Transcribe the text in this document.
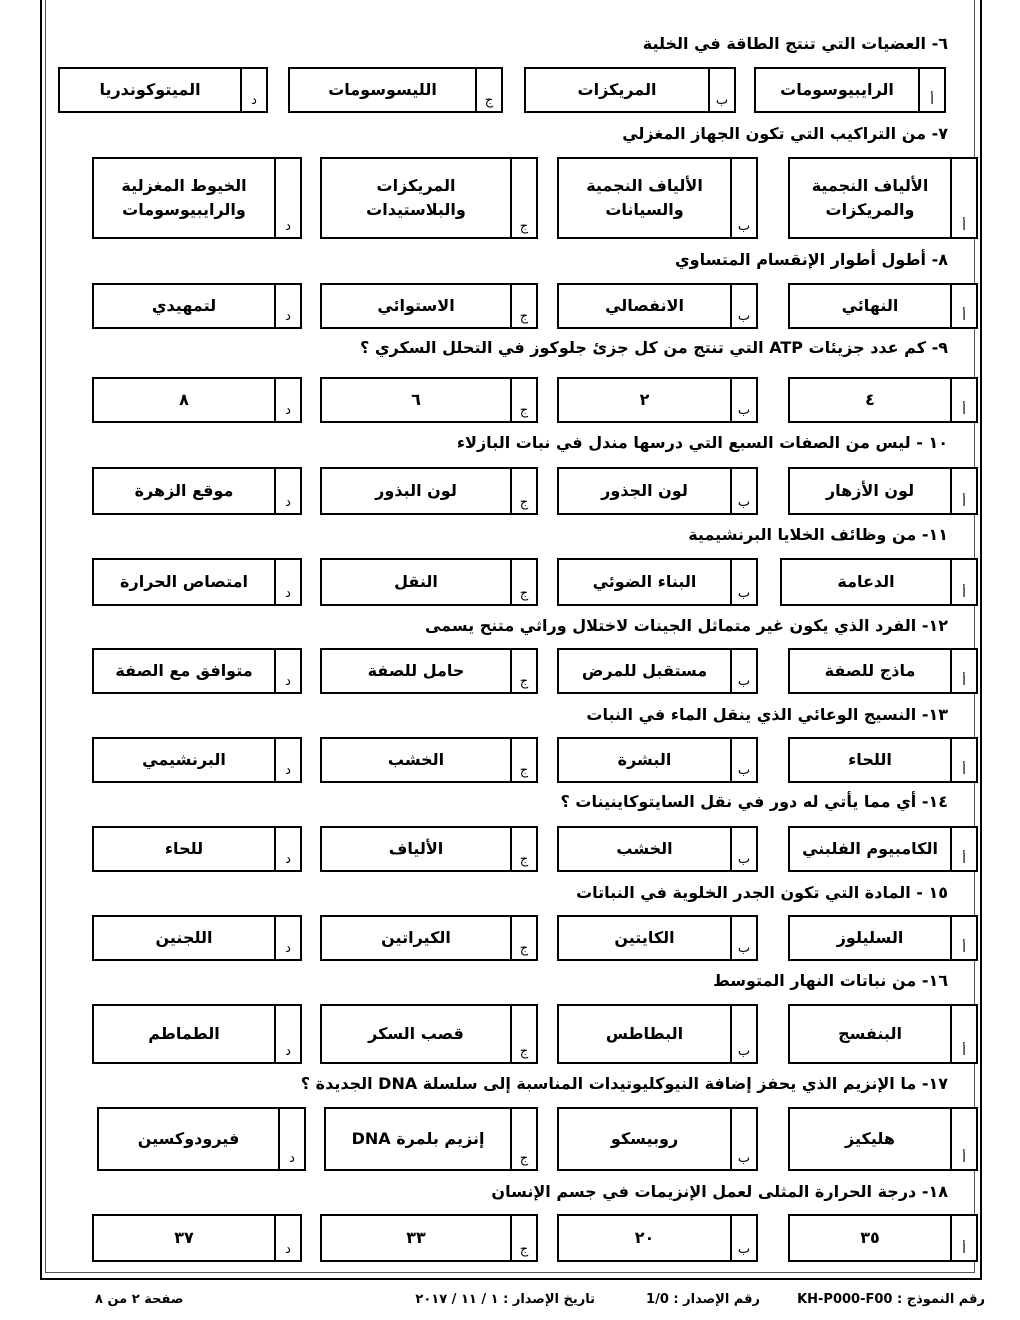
٦- العضيات التي تنتج الطاقة في الخلية
أ
الرايبيوسومات
ب
المريكزات
ج
الليسوسومات
د
الميتوكوندريا
٧- من التراكيب التي تكون الجهاز المغزلي
أ
الألياف النجمية
والمريكزات
ب
الألياف النجمية
والسيانات
ج
المريكزات والبلاستيدات
د
الخيوط المغزلية
والرايبيوسومات
٨- أطول أطوار الإنقسام المتساوي
أ
النهائي
ب
الانفصالي
ج
الاستوائي
د
لتمهيدي
٩- كم عدد جزيئات ATP التي تنتج من كل جزئ جلوكوز في التحلل السكري ؟
أ
٤
ب
٢
ج
٦
د
٨
١٠ - ليس من الصفات السبع التي درسها مندل في نبات البازلاء
أ
لون الأزهار
ب
لون الجذور
ج
لون البذور
د
موقع الزهرة
١١- من وظائف الخلايا البرنشيمية
أ
الدعامة
ب
البناء الضوئي
ج
النقل
د
امتصاص الحرارة
١٢- الفرد الذي يكون غير متماثل الجينات لاختلال وراثي متنح يسمى
أ
ماذج للصفة
ب
مستقبل للمرض
ج
حامل للصفة
د
متوافق مع الصفة
١٣- النسيج الوعائي الذي ينقل الماء في النبات
أ
اللحاء
ب
البشرة
ج
الخشب
د
البرنشيمي
١٤- أي مما يأتي له دور في نقل السايتوكاينينات ؟
أ
الكامبيوم الفلبني
ب
الخشب
ج
الألياف
د
للحاء
١٥ - المادة التي تكون الجدر الخلوية في النباتات
أ
السليلوز
ب
الكايتين
ج
الكيراتين
د
اللجنين
١٦- من نباتات النهار المتوسط
أ
البنفسج
ب
البطاطس
ج
قصب السكر
د
الطماطم
١٧- ما الإنزيم الذي يحفز إضافة النيوكليوتيدات المناسبة إلى سلسلة DNA الجديدة ؟
أ
هليكيز
ب
روبيسكو
ج
إنزيم بلمرة DNA
د
فيرودوكسين
١٨- درجة الحرارة المثلى لعمل الإنزيمات في جسم الإنسان
أ
٣٥
ب
٢٠
ج
٣٣
د
٣٧
رقم النموذج : KH-P000-F00
رقم الإصدار : 1/0
تاريخ الإصدار : ١ / ١١ / ٢٠١٧
صفحة ٢ من ٨
